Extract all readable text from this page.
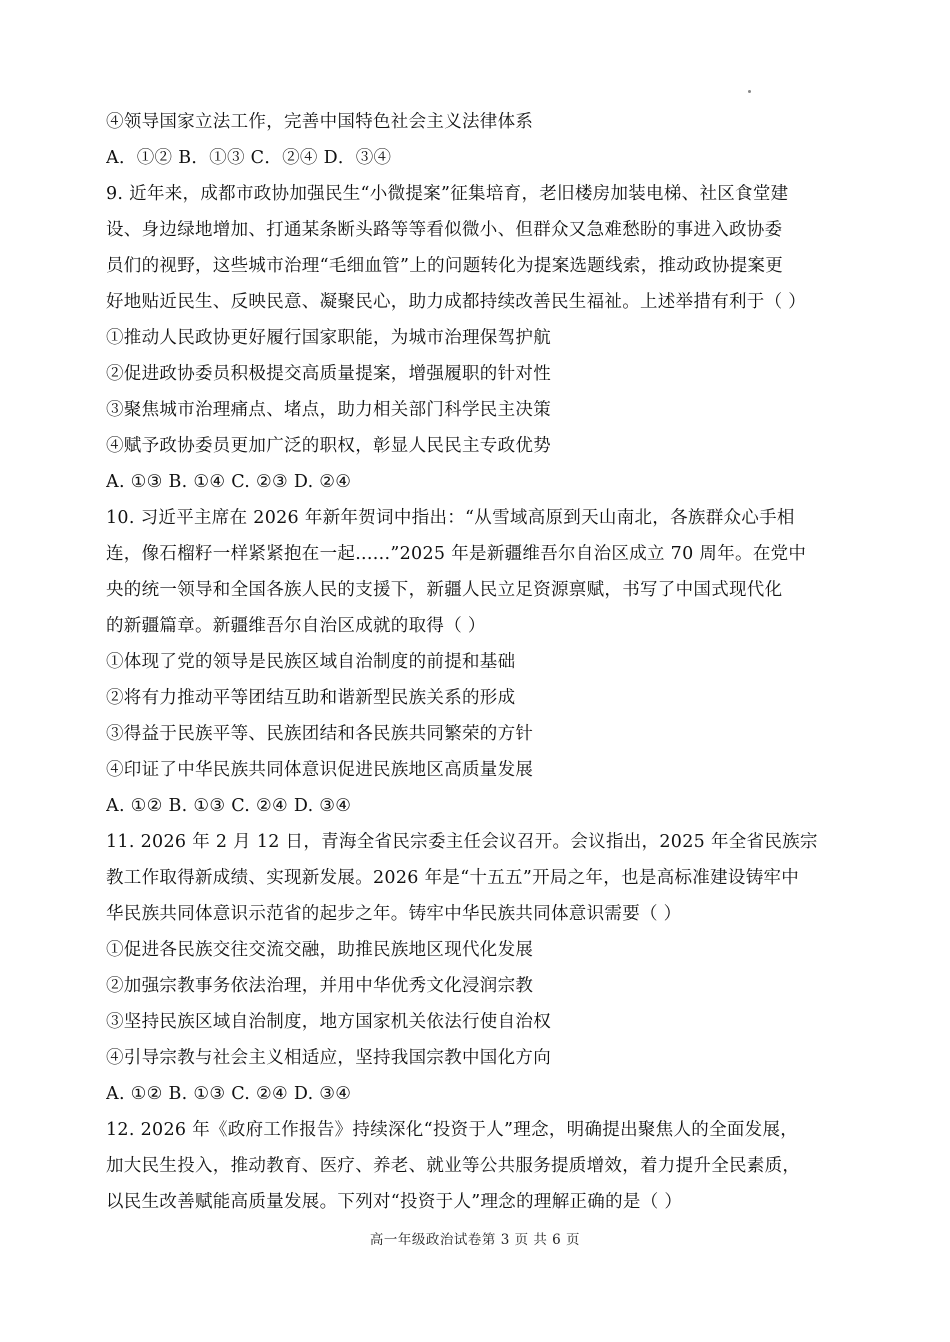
④领导国家立法工作，完善中国特色社会主义法律体系
A．①② B．①③ C．②④ D．③④
9. 近年来，成都市政协加强民生“小微提案”征集培育，老旧楼房加装电梯、社区食堂建
设、身边绿地增加、打通某条断头路等等看似微小、但群众又急难愁盼的事进入政协委
员们的视野，这些城市治理“毛细血管”上的问题转化为提案选题线索，推动政协提案更
好地贴近民生、反映民意、凝聚民心，助力成都持续改善民生福祉。上述举措有利于（ ）
①推动人民政协更好履行国家职能，为城市治理保驾护航
②促进政协委员积极提交高质量提案，增强履职的针对性
③聚焦城市治理痛点、堵点，助力相关部门科学民主决策
④赋予政协委员更加广泛的职权，彰显人民民主专政优势
A. ①③ B. ①④ C. ②③ D. ②④
10. 习近平主席在 2026 年新年贺词中指出：“从雪域高原到天山南北，各族群众心手相
连，像石榴籽一样紧紧抱在一起......”2025 年是新疆维吾尔自治区成立 70 周年。在党中
央的统一领导和全国各族人民的支援下，新疆人民立足资源禀赋，书写了中国式现代化
的新疆篇章。新疆维吾尔自治区成就的取得（ ）
①体现了党的领导是民族区域自治制度的前提和基础
②将有力推动平等团结互助和谐新型民族关系的形成
③得益于民族平等、民族团结和各民族共同繁荣的方针
④印证了中华民族共同体意识促进民族地区高质量发展
A. ①② B. ①③ C. ②④ D. ③④
11. 2026 年 2 月 12 日，青海全省民宗委主任会议召开。会议指出，2025 年全省民族宗
教工作取得新成绩、实现新发展。2026 年是“十五五”开局之年，也是高标准建设铸牢中
华民族共同体意识示范省的起步之年。铸牢中华民族共同体意识需要（ ）
①促进各民族交往交流交融，助推民族地区现代化发展
②加强宗教事务依法治理，并用中华优秀文化浸润宗教
③坚持民族区域自治制度，地方国家机关依法行使自治权
④引导宗教与社会主义相适应，坚持我国宗教中国化方向
A. ①② B. ①③ C. ②④ D. ③④
12. 2026 年《政府工作报告》持续深化“投资于人”理念，明确提出聚焦人的全面发展，
加大民生投入，推动教育、医疗、养老、就业等公共服务提质增效，着力提升全民素质，
以民生改善赋能高质量发展。下列对“投资于人”理念的理解正确的是（ ）
高一年级政治试卷第 3 页 共 6 页
